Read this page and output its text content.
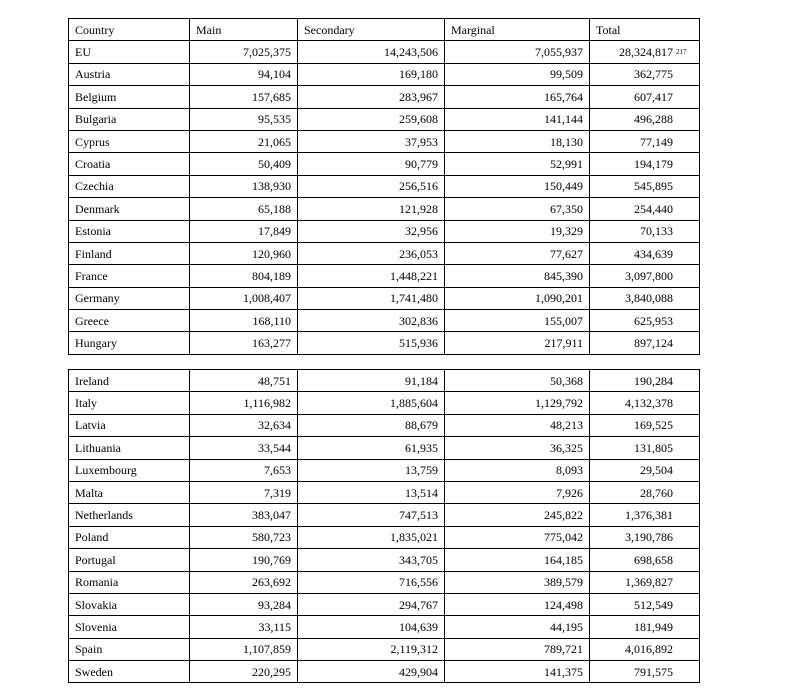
Country	Main	Secondary	Marginal	Total
EU	7,025,375	14,243,506	7,055,937	28,324,817 217

Austria	94,104	169,180	99,509	362,775
Belgium	157,685	283,967	165,764	607,417
Bulgaria	95,535	259,608	141,144	496,288
Cyprus	21,065	37,953	18,130	77,149
Croatia	50,409	90,779	52,991	194,179
Czechia	138,930	256,516	150,449	545,895
Denmark	65,188	121,928	67,350	254,440
Estonia	17,849	32,956	19,329	70,133
Finland	120,960	236,053	77,627	434,639
France	804,189	1,448,221	845,390	3,097,800
Germany	1,008,407	1,741,480	1,090,201	3,840,088
Greece	168,110	302,836	155,007	625,953
Hungary	163,277	515,936	217,911	897,124
Ireland	48,751	91,184	50,368	190,284
Italy	1,116,982	1,885,604	1,129,792	4,132,378
Latvia	32,634	88,679	48,213	169,525
Lithuania	33,544	61,935	36,325	131,805
Luxembourg	7,653	13,759	8,093	29,504
Malta	7,319	13,514	7,926	28,760
Netherlands	383,047	747,513	245,822	1,376,381
Poland	580,723	1,835,021	775,042	3,190,786
Portugal	190,769	343,705	164,185	698,658
Romania	263,692	716,556	389,579	1,369,827
Slovakia	93,284	294,767	124,498	512,549
Slovenia	33,115	104,639	44,195	181,949
Spain	1,107,859	2,119,312	789,721	4,016,892
Sweden	220,295	429,904	141,375	791,575
